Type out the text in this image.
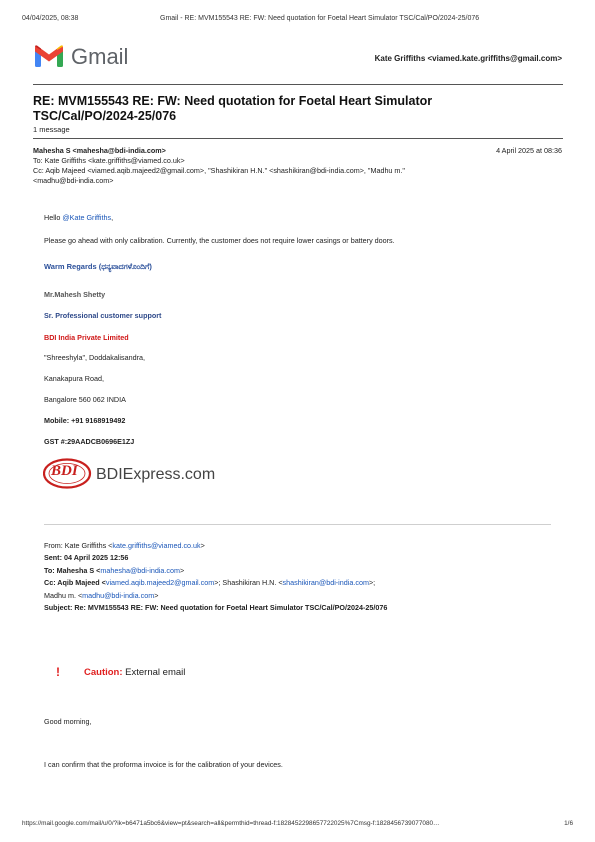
04/04/2025, 08:38	Gmail - RE: MVM155543 RE: FW: Need quotation for Foetal Heart Simulator TSC/Cal/PO/2024-25/076
Gmail	Kate Griffiths <viamed.kate.griffiths@gmail.com>
RE: MVM155543 RE: FW: Need quotation for Foetal Heart Simulator
TSC/Cal/PO/2024-25/076
1 message
Mahesha S <mahesha@bdi-india.com>	4 April 2025 at 08:36
To: Kate Griffiths <kate.griffiths@viamed.co.uk>
Cc: Aqib Majeed <viamed.aqib.majeed2@gmail.com>, "Shashikiran H.N." <shashikiran@bdi-india.com>, "Madhu m."
<madhu@bdi-india.com>
Hello @Kate Griffiths,
Please go ahead with only calibration. Currently, the customer does not require lower casings or battery doors.
Warm Regards (ಧನ್ಯವಾದಗಳೊಂದಿಗೆ)
Mr.Mahesh Shetty
Sr. Professional customer support
BDI India Private Limited
"Shreeshyla", Doddakalisandra,
Kanakapura Road,
Bangalore 560 062 INDIA
Mobile: +91 9168919492
GST #:29AADCB0696E1ZJ
BDI BDIExpress.com
From: Kate Griffiths <kate.griffiths@viamed.co.uk>
Sent: 04 April 2025 12:56
To: Mahesha S <mahesha@bdi-india.com>
Cc: Aqib Majeed <viamed.aqib.majeed2@gmail.com>; Shashikiran H.N. <shashikiran@bdi-india.com>;
Madhu m. <madhu@bdi-india.com>
Subject: Re: MVM155543 RE: FW: Need quotation for Foetal Heart Simulator TSC/Cal/PO/2024-25/076
!	Caution: External email
Good morning,
I can confirm that the proforma invoice is for the calibration of your devices.
https://mail.google.com/mail/u/0/?ik=b6471a5bc6&view=pt&search=all&permthid=thread-f:1828452298657722025%7Cmsg-f:1828456739077080…	1/6
